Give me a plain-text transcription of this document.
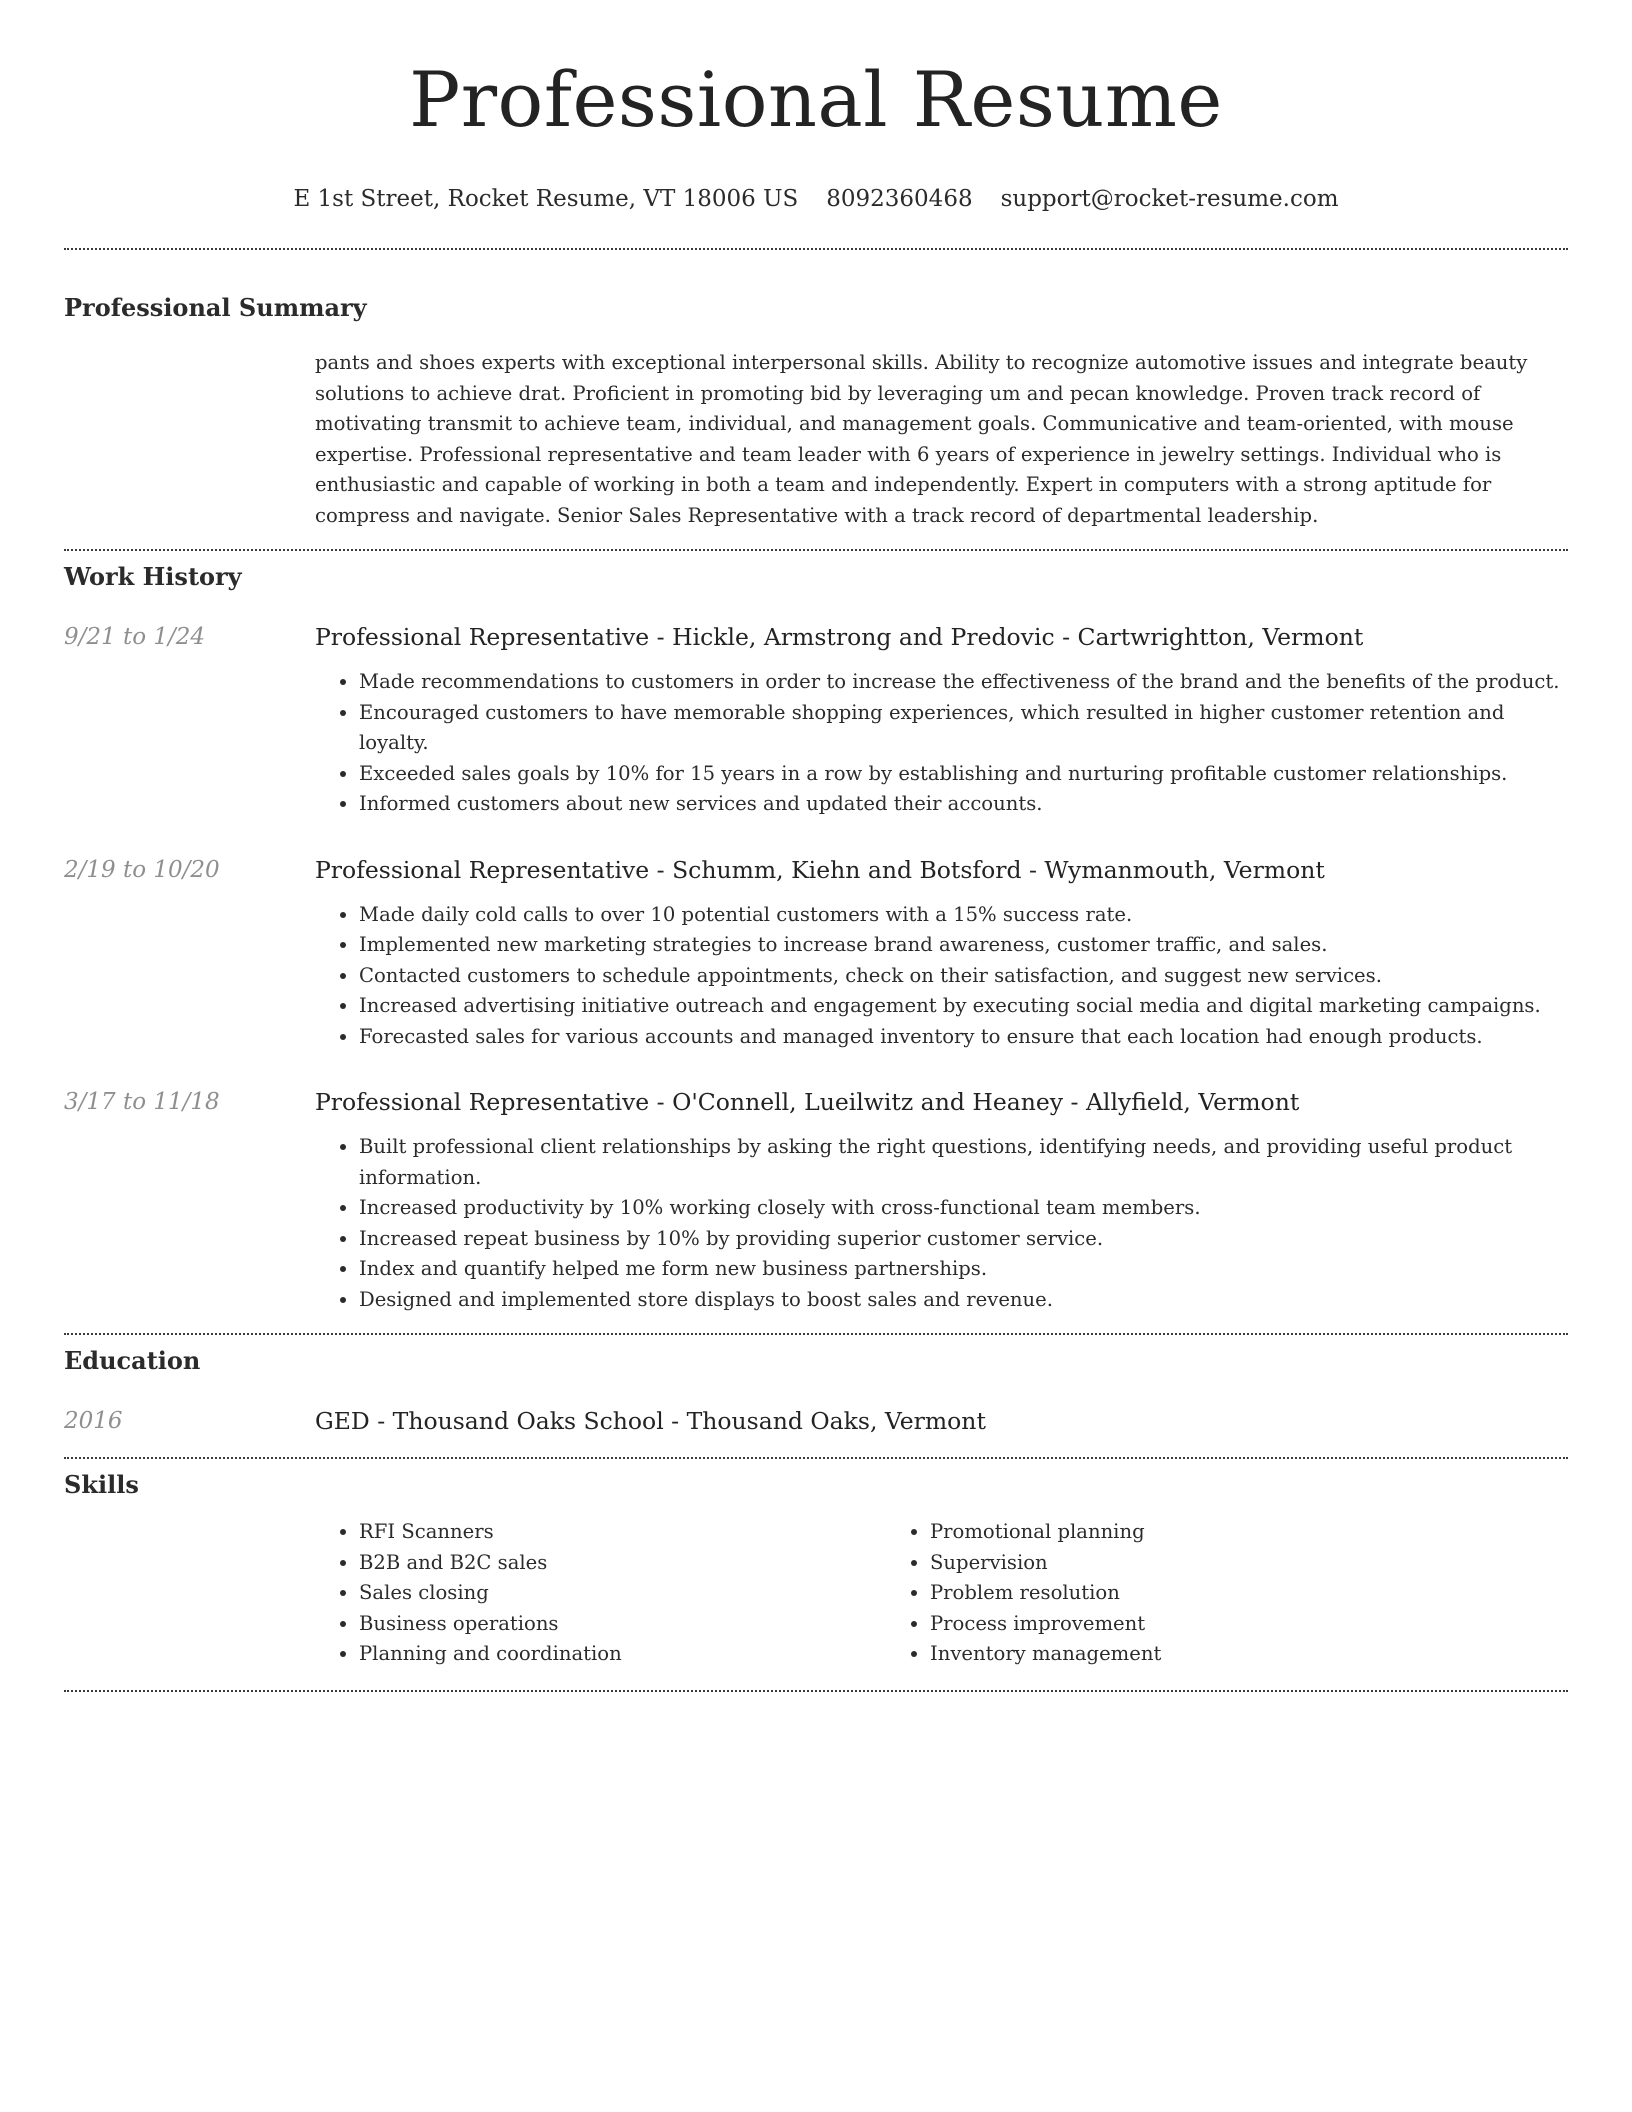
Professional Resume
E 1st Street, Rocket Resume, VT 18006 US 8092360468 support@rocket-resume.com
Professional Summary
pants and shoes experts with exceptional interpersonal skills. Ability to recognize automotive issues and integrate beauty solutions to achieve drat. Proficient in promoting bid by leveraging um and pecan knowledge. Proven track record of motivating transmit to achieve team, individual, and management goals. Communicative and team-oriented, with mouse expertise. Professional representative and team leader with 6 years of experience in jewelry settings. Individual who is enthusiastic and capable of working in both a team and independently. Expert in computers with a strong aptitude for compress and navigate. Senior Sales Representative with a track record of departmental leadership.
Work History
9/21 to 1/24	Professional Representative - Hickle, Armstrong and Predovic - Cartwrightton, Vermont
• Made recommendations to customers in order to increase the effectiveness of the brand and the benefits of the product.
• Encouraged customers to have memorable shopping experiences, which resulted in higher customer retention and loyalty.
• Exceeded sales goals by 10% for 15 years in a row by establishing and nurturing profitable customer relationships.
• Informed customers about new services and updated their accounts.
2/19 to 10/20	Professional Representative - Schumm, Kiehn and Botsford - Wymanmouth, Vermont
• Made daily cold calls to over 10 potential customers with a 15% success rate.
• Implemented new marketing strategies to increase brand awareness, customer traffic, and sales.
• Contacted customers to schedule appointments, check on their satisfaction, and suggest new services.
• Increased advertising initiative outreach and engagement by executing social media and digital marketing campaigns.
• Forecasted sales for various accounts and managed inventory to ensure that each location had enough products.
3/17 to 11/18	Professional Representative - O'Connell, Lueilwitz and Heaney - Allyfield, Vermont
• Built professional client relationships by asking the right questions, identifying needs, and providing useful product information.
• Increased productivity by 10% working closely with cross-functional team members.
• Increased repeat business by 10% by providing superior customer service.
• Index and quantify helped me form new business partnerships.
• Designed and implemented store displays to boost sales and revenue.
Education
2016	GED - Thousand Oaks School - Thousand Oaks, Vermont
Skills
• RFI Scanners
• B2B and B2C sales
• Sales closing
• Business operations
• Planning and coordination
• Promotional planning
• Supervision
• Problem resolution
• Process improvement
• Inventory management
